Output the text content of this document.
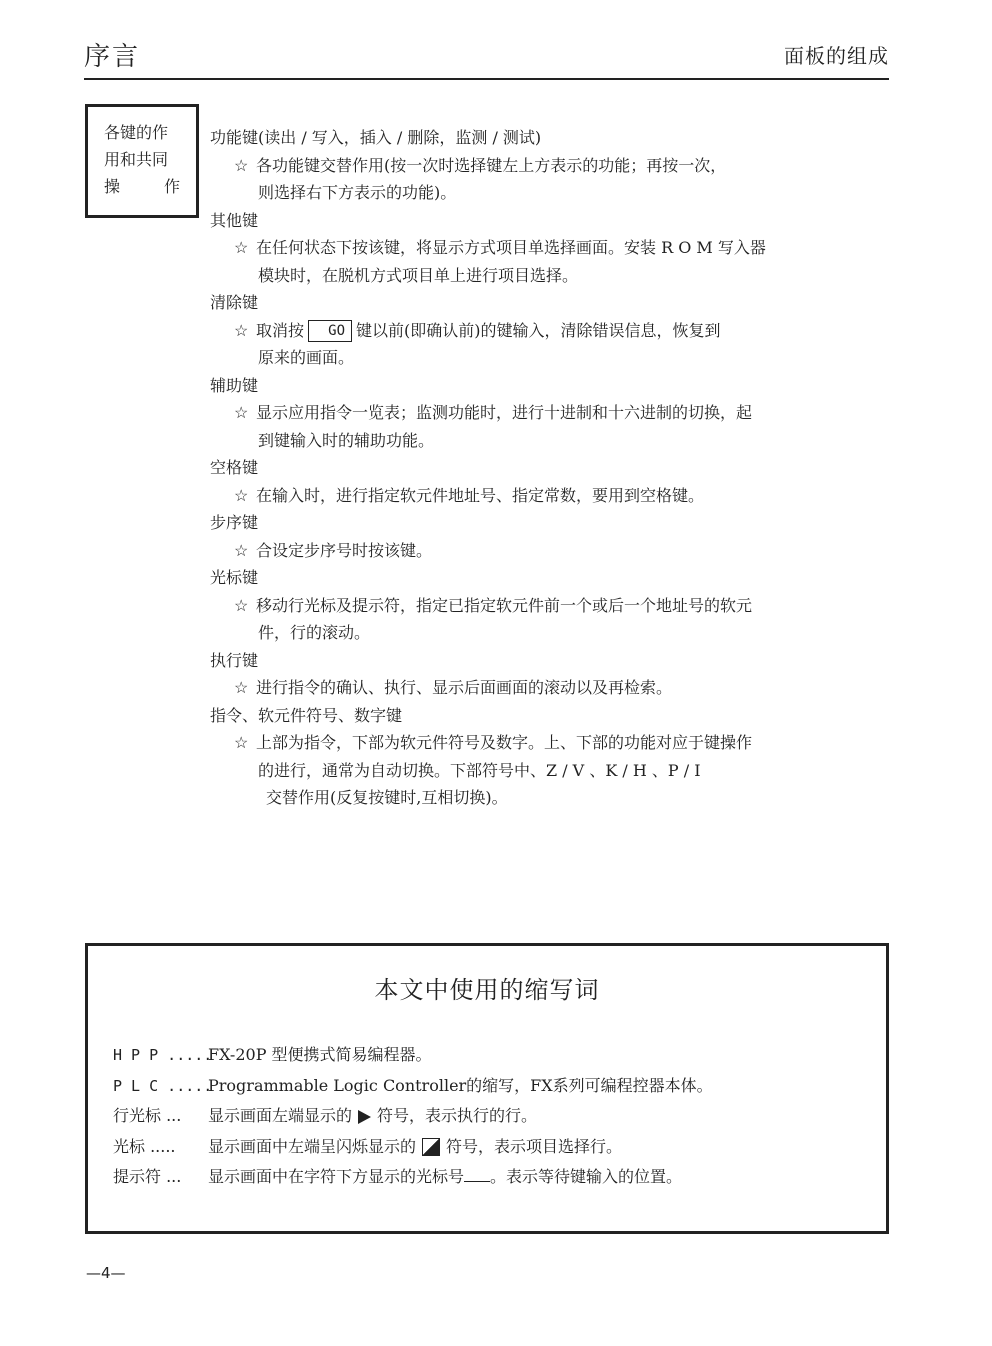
序言	面板的组成
各键的作
用和共同
操	作
功能键(读出 / 写入，插入 / 删除，监测 / 测试)
☆ 各功能键交替作用(按一次时选择键左上方表示的功能；再按一次，
则选择右下方表示的功能)。
其他键
☆ 在任何状态下按该键，将显示方式项目单选择画面。安装 R O M 写入器
模块时，在脱机方式项目单上进行项目选择。
清除键
☆ 取消按 GO 键以前(即确认前)的键输入，清除错误信息，恢复到
原来的画面。
辅助键
☆ 显示应用指令一览表；监测功能时，进行十进制和十六进制的切换，起
到键输入时的辅助功能。
空格键
☆ 在输入时，进行指定软元件地址号、指定常数，要用到空格键。
步序键
☆ 合设定步序号时按该键。
光标键
☆ 移动行光标及提示符，指定已指定软元件前一个或后一个地址号的软元
件，行的滚动。
执行键
☆ 进行指令的确认、执行、显示后面画面的滚动以及再检索。
指令、软元件符号、数字键
☆ 上部为指令，下部为软元件符号及数字。上、下部的功能对应于键操作
的进行，通常为自动切换。下部符号中、Z / V 、K / H 、P / I
交替作用(反复按键时,互相切换)。
本文中使用的缩写词
H P P .....FX-20P 型便携式简易编程器。
P L C .....Programmable Logic Controller的缩写，FX系列可编程控器本体。
行光标 ... 显示画面左端显示的 符号，表示执行的行。
光标 ..... 显示画面中左端呈闪烁显示的 符号，表示项目选择行。
提示符 ... 显示画面中在字符下方显示的光标号 。表示等待键输入的位置。
—4—
